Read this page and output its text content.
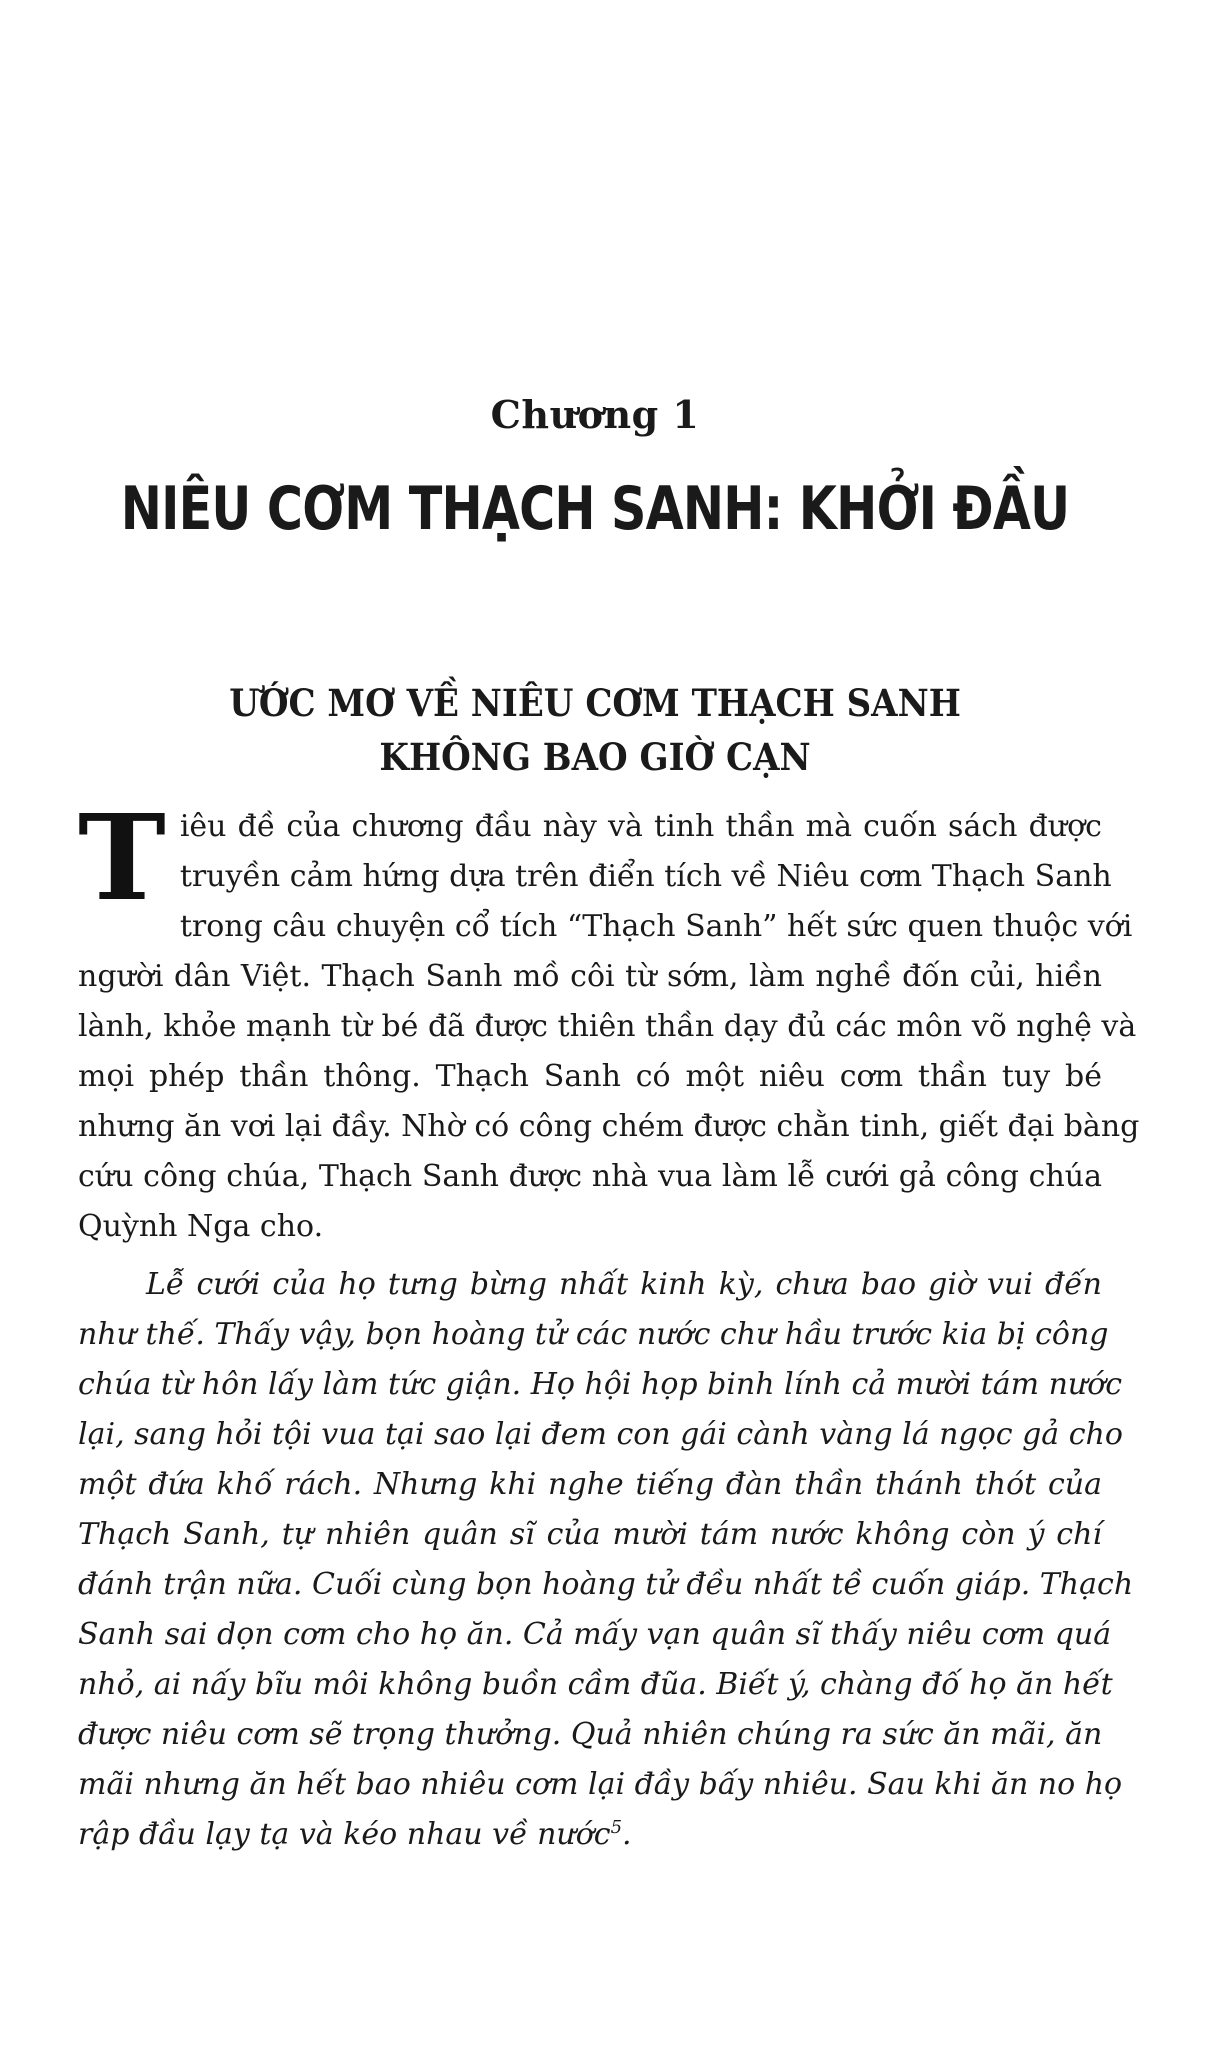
Chương 1
NIÊU CƠM THẠCH SANH: KHỞI ĐẦU
ƯỚC MƠ VỀ NIÊU CƠM THẠCH SANH
KHÔNG BAO GIỜ CẠN
T iêu đề của chương đầu này và tinh thần mà cuốn sách được
truyền cảm hứng dựa trên điển tích về Niêu cơm Thạch Sanh
trong câu chuyện cổ tích “Thạch Sanh” hết sức quen thuộc với
người dân Việt. Thạch Sanh mồ côi từ sớm, làm nghề đốn củi, hiền
lành, khỏe mạnh từ bé đã được thiên thần dạy đủ các môn võ nghệ và
mọi phép thần thông. Thạch Sanh có một niêu cơm thần tuy bé
nhưng ăn vơi lại đầy. Nhờ có công chém được chằn tinh, giết đại bàng
cứu công chúa, Thạch Sanh được nhà vua làm lễ cưới gả công chúa
Quỳnh Nga cho.
Lễ cưới của họ tưng bừng nhất kinh kỳ, chưa bao giờ vui đến
như thế. Thấy vậy, bọn hoàng tử các nước chư hầu trước kia bị công
chúa từ hôn lấy làm tức giận. Họ hội họp binh lính cả mười tám nước
lại, sang hỏi tội vua tại sao lại đem con gái cành vàng lá ngọc gả cho
một đứa khố rách. Nhưng khi nghe tiếng đàn thần thánh thót của
Thạch Sanh, tự nhiên quân sĩ của mười tám nước không còn ý chí
đánh trận nữa. Cuối cùng bọn hoàng tử đều nhất tề cuốn giáp. Thạch
Sanh sai dọn cơm cho họ ăn. Cả mấy vạn quân sĩ thấy niêu cơm quá
nhỏ, ai nấy bĩu môi không buồn cầm đũa. Biết ý, chàng đố họ ăn hết
được niêu cơm sẽ trọng thưởng. Quả nhiên chúng ra sức ăn mãi, ăn
mãi nhưng ăn hết bao nhiêu cơm lại đầy bấy nhiêu. Sau khi ăn no họ
rập đầu lạy tạ và kéo nhau về nước$^5$.
